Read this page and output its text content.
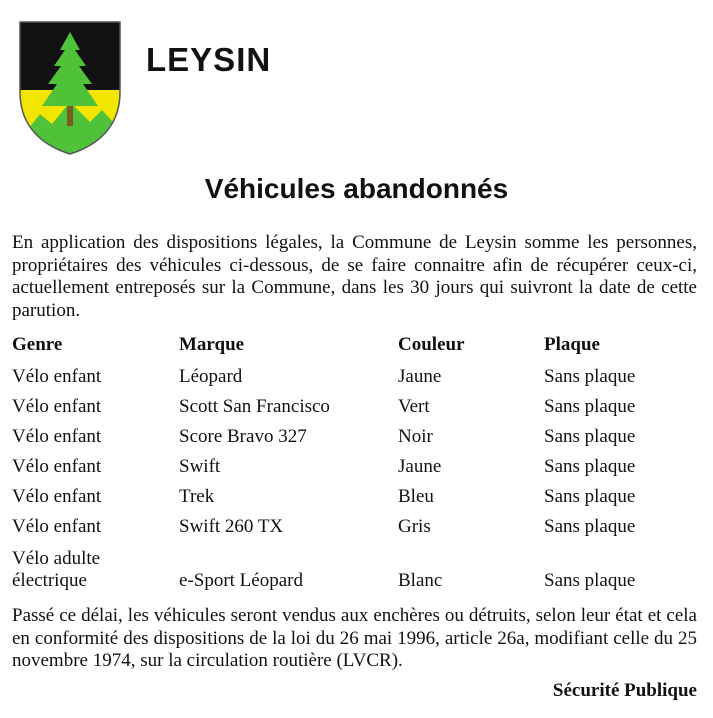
LEYSIN
Véhicules abandonnés

En application des dispositions légales, la Commune de Leysin somme les personnes, propriétaires des véhicules ci-dessous, de se faire connaitre afin de récupérer ceux-ci, actuellement entreposés sur la Commune, dans les 30 jours qui suivront la date de cette parution.

Genre	Marque	Couleur	Plaque
Vélo enfant	Léopard	Jaune	Sans plaque
Vélo enfant	Scott San Francisco	Vert	Sans plaque
Vélo enfant	Score Bravo 327	Noir	Sans plaque
Vélo enfant	Swift	Jaune	Sans plaque
Vélo enfant	Trek	Bleu	Sans plaque
Vélo enfant	Swift 260 TX	Gris	Sans plaque
Vélo adulte électrique	e-Sport Léopard	Blanc	Sans plaque

Passé ce délai, les véhicules seront vendus aux enchères ou détruits, selon leur état et cela en conformité des dispositions de la loi du 26 mai 1996, article 26a, modifiant celle du 25 novembre 1974, sur la circulation routière (LVCR).

Sécurité Publique
